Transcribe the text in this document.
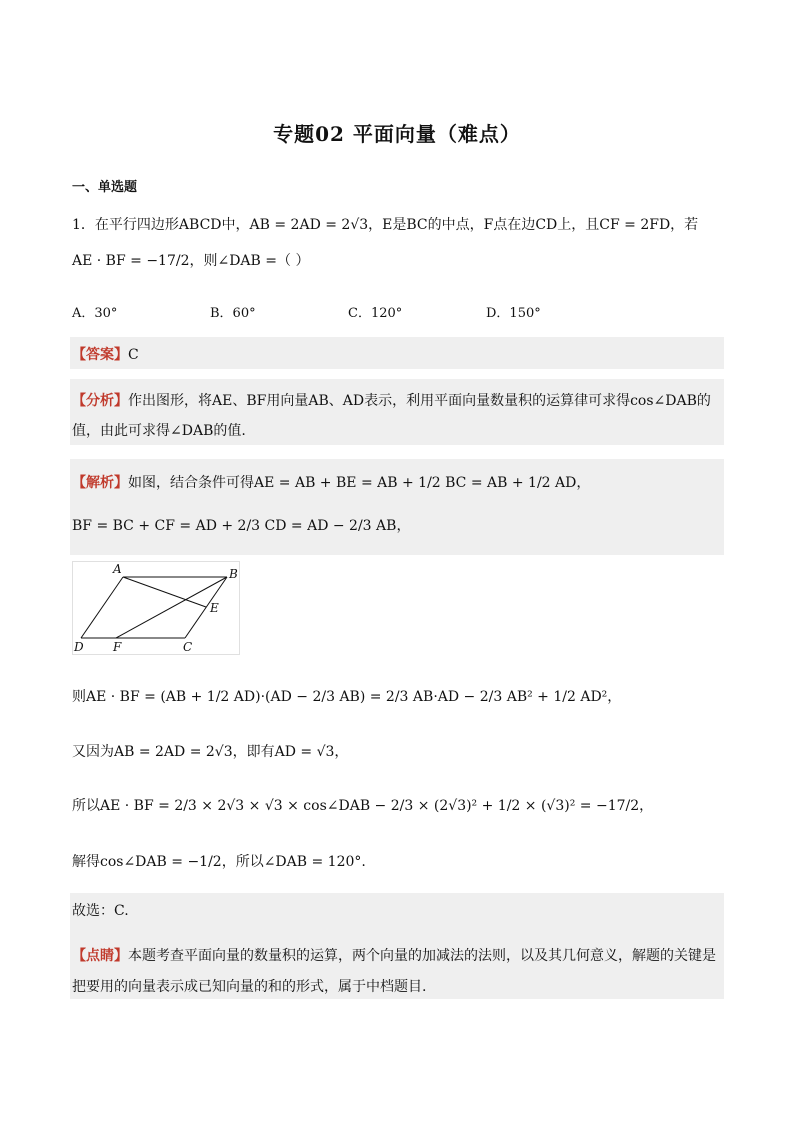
专题02 平面向量（难点）
一、单选题
1．在平行四边形ABCD中，AB = 2AD = 2√3，E是BC的中点，F点在边CD上，且CF = 2FD，若
AE · BF = −17/2，则∠DAB =（ ）
A．30°	B．60°	C．120°	D．150°
【答案】C
【分析】作出图形，将AE、BF用向量AB、AD表示，利用平面向量数量积的运算律可求得cos∠DAB的
值，由此可求得∠DAB的值.
【解析】如图，结合条件可得AE = AB + BE = AB + 1/2 BC = AB + 1/2 AD，
BF = BC + CF = AD + 2/3 CD = AD − 2/3 AB，
A	B
C
D
E
F
则AE · BF = (AB + 1/2 AD)·(AD − 2/3 AB) = 2/3 AB·AD − 2/3 AB² + 1/2 AD²，
又因为AB = 2AD = 2√3，即有AD = √3，
所以AE · BF = 2/3 × 2√3 × √3 × cos∠DAB − 2/3 × (2√3)² + 1/2 × (√3)² = −17/2，
解得cos∠DAB = −1/2，所以∠DAB = 120°.
故选：C.
【点睛】本题考查平面向量的数量积的运算，两个向量的加减法的法则，以及其几何意义，解题的关键是
把要用的向量表示成已知向量的和的形式，属于中档题目.
